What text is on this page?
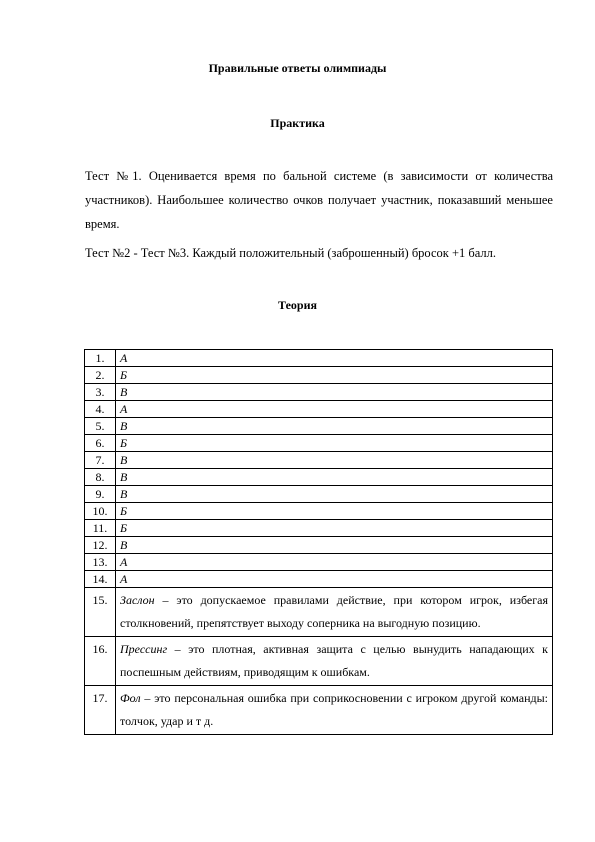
Правильные ответы олимпиады
Практика
Тест №1. Оценивается время по бальной системе (в зависимости от количества участников). Наибольшее количество очков получает участник, показавший меньшее время.
Тест №2 - Тест №3. Каждый положительный (заброшенный) бросок +1 балл.
Теория
1.	А
2.	Б
3.	В
4.	А
5.	В
6.	Б
7.	В
8.	В
9.	В
10.	Б
11.	Б
12.	В
13.	А
14.	А
15.	Заслон – это допускаемое правилами действие, при котором игрок, избегая столкновений, препятствует выходу соперника на выгодную позицию.
16.	Прессинг – это плотная, активная защита с целью вынудить нападающих к поспешным действиям, приводящим к ошибкам.
17.	Фол – это персональная ошибка при соприкосновении с игроком другой команды: толчок, удар и т д.
